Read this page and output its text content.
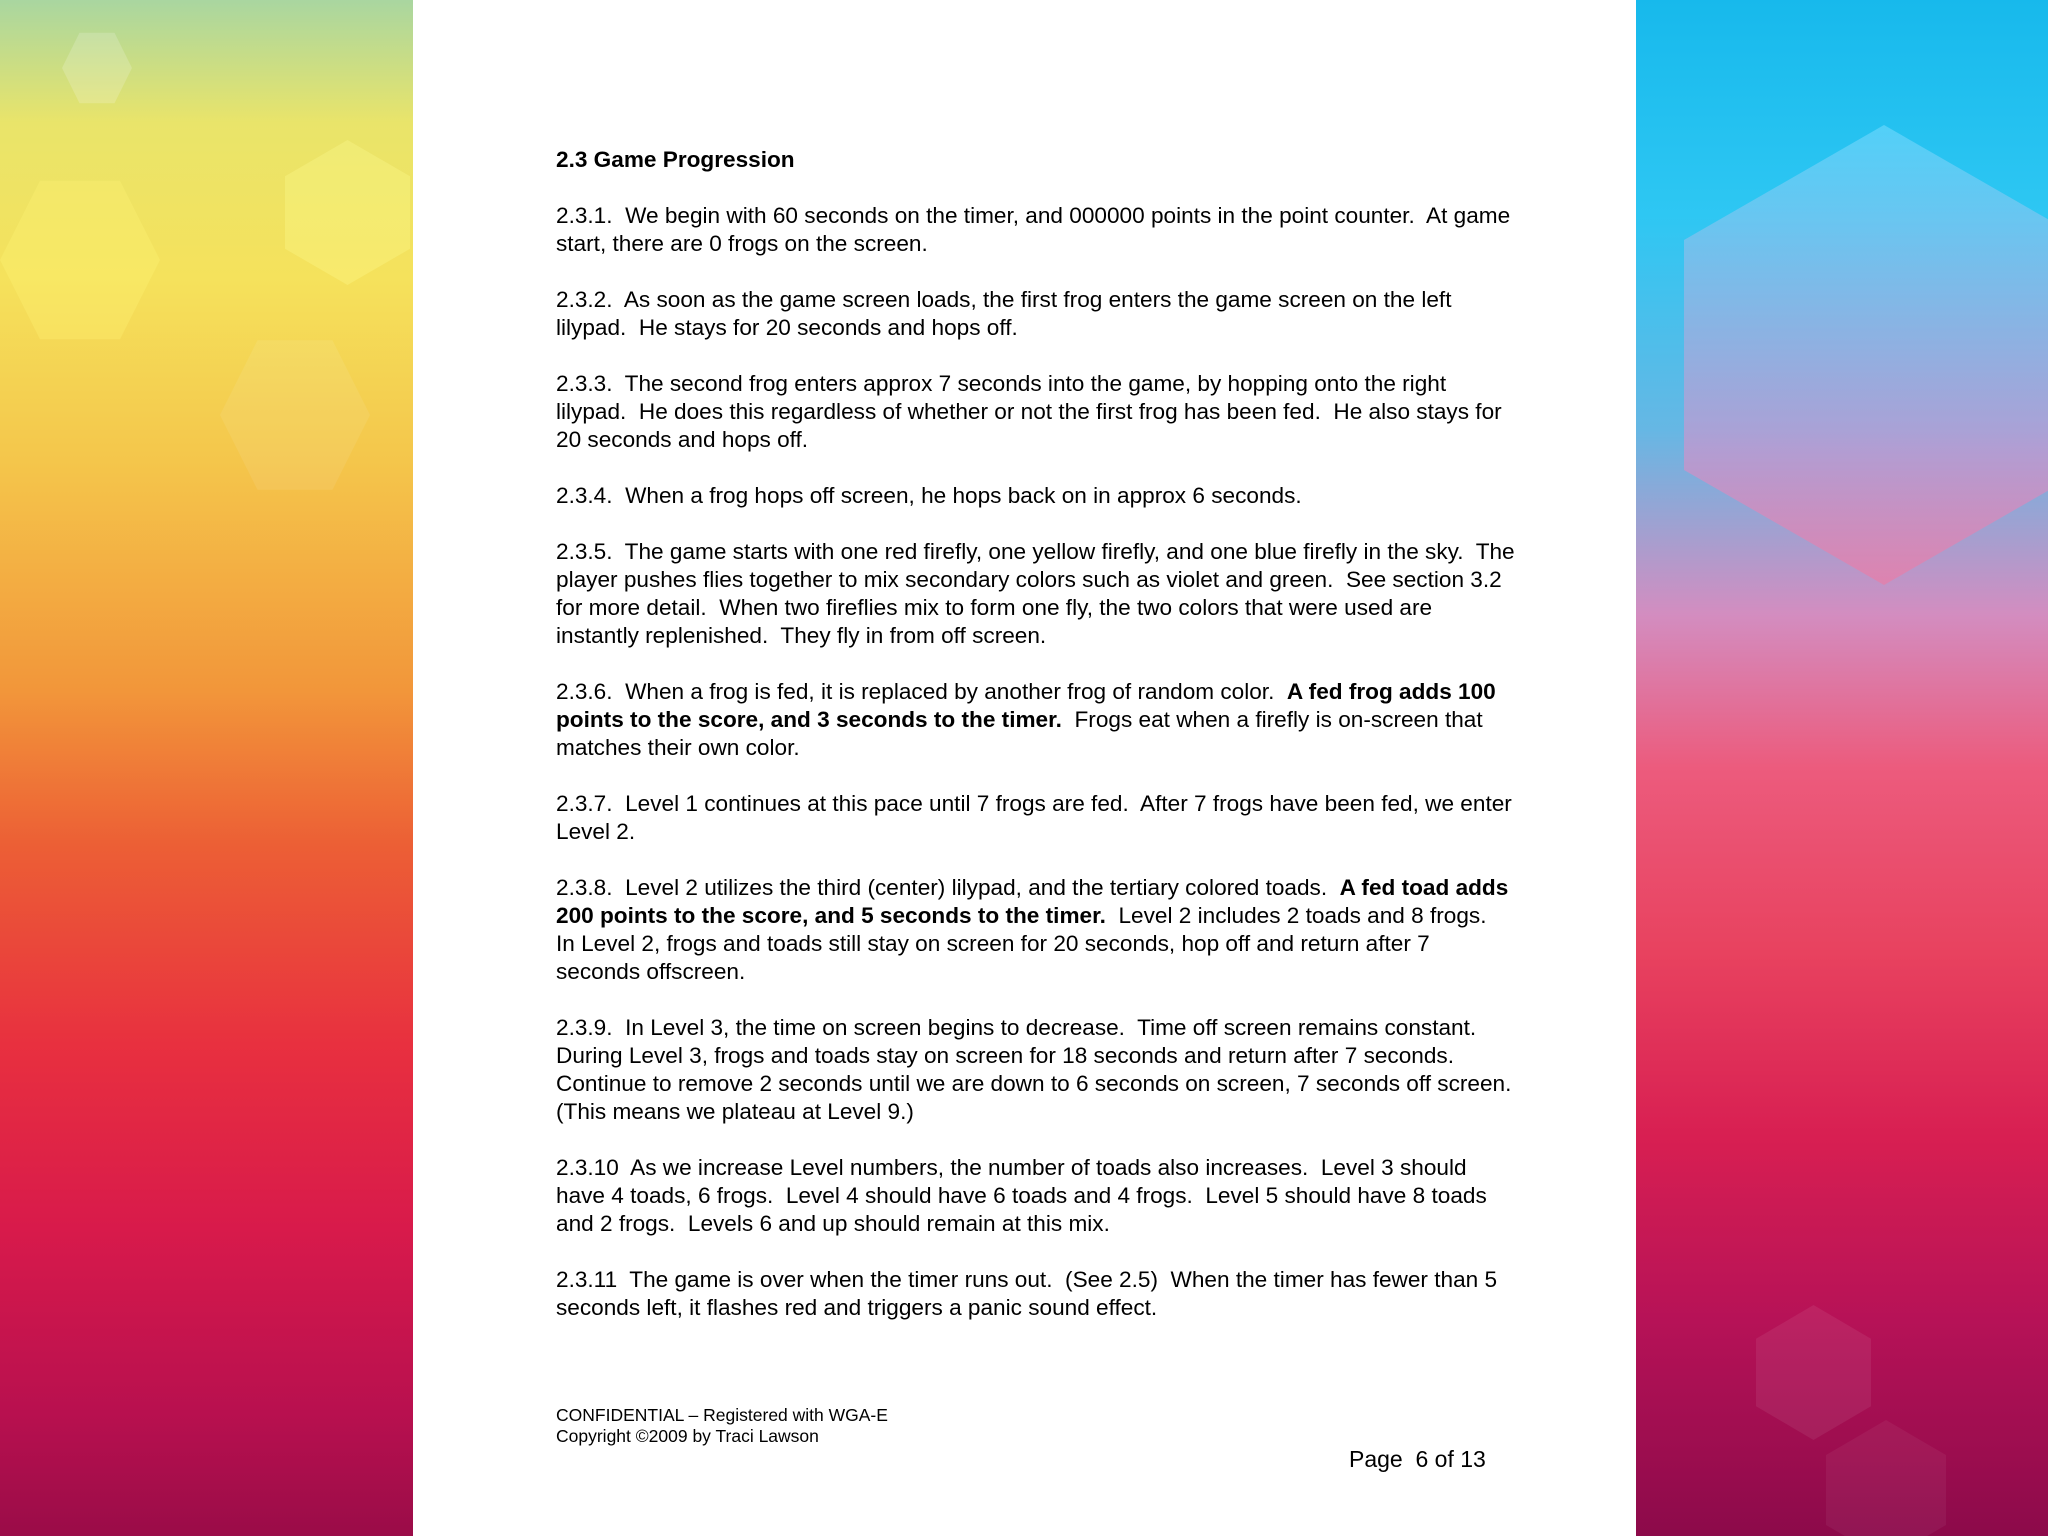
2.3 Game Progression
2.3.1.  We begin with 60 seconds on the timer, and 000000 points in the point counter.  At game start, there are 0 frogs on the screen.
2.3.2.  As soon as the game screen loads, the first frog enters the game screen on the left lilypad.  He stays for 20 seconds and hops off.
2.3.3.  The second frog enters approx 7 seconds into the game, by hopping onto the right lilypad.  He does this regardless of whether or not the first frog has been fed.  He also stays for 20 seconds and hops off.
2.3.4.  When a frog hops off screen, he hops back on in approx 6 seconds.
2.3.5.  The game starts with one red firefly, one yellow firefly, and one blue firefly in the sky.  The player pushes flies together to mix secondary colors such as violet and green.  See section 3.2 for more detail.  When two fireflies mix to form one fly, the two colors that were used are instantly replenished.  They fly in from off screen.
2.3.6.  When a frog is fed, it is replaced by another frog of random color.  A fed frog adds 100 points to the score, and 3 seconds to the timer.  Frogs eat when a firefly is on-screen that matches their own color.
2.3.7.  Level 1 continues at this pace until 7 frogs are fed.  After 7 frogs have been fed, we enter Level 2.
2.3.8.  Level 2 utilizes the third (center) lilypad, and the tertiary colored toads.  A fed toad adds 200 points to the score, and 5 seconds to the timer.  Level 2 includes 2 toads and 8 frogs.  In Level 2, frogs and toads still stay on screen for 20 seconds, hop off and return after 7 seconds offscreen.
2.3.9.  In Level 3, the time on screen begins to decrease.  Time off screen remains constant.  During Level 3, frogs and toads stay on screen for 18 seconds and return after 7 seconds.  Continue to remove 2 seconds until we are down to 6 seconds on screen, 7 seconds off screen.  (This means we plateau at Level 9.)
2.3.10  As we increase Level numbers, the number of toads also increases.  Level 3 should have 4 toads, 6 frogs.  Level 4 should have 6 toads and 4 frogs.  Level 5 should have 8 toads and 2 frogs.  Levels 6 and up should remain at this mix.
2.3.11  The game is over when the timer runs out.  (See 2.5)  When the timer has fewer than 5 seconds left, it flashes red and triggers a panic sound effect.
CONFIDENTIAL – Registered with WGA-E
Copyright ©2009 by Traci Lawson
Page  6 of 13
